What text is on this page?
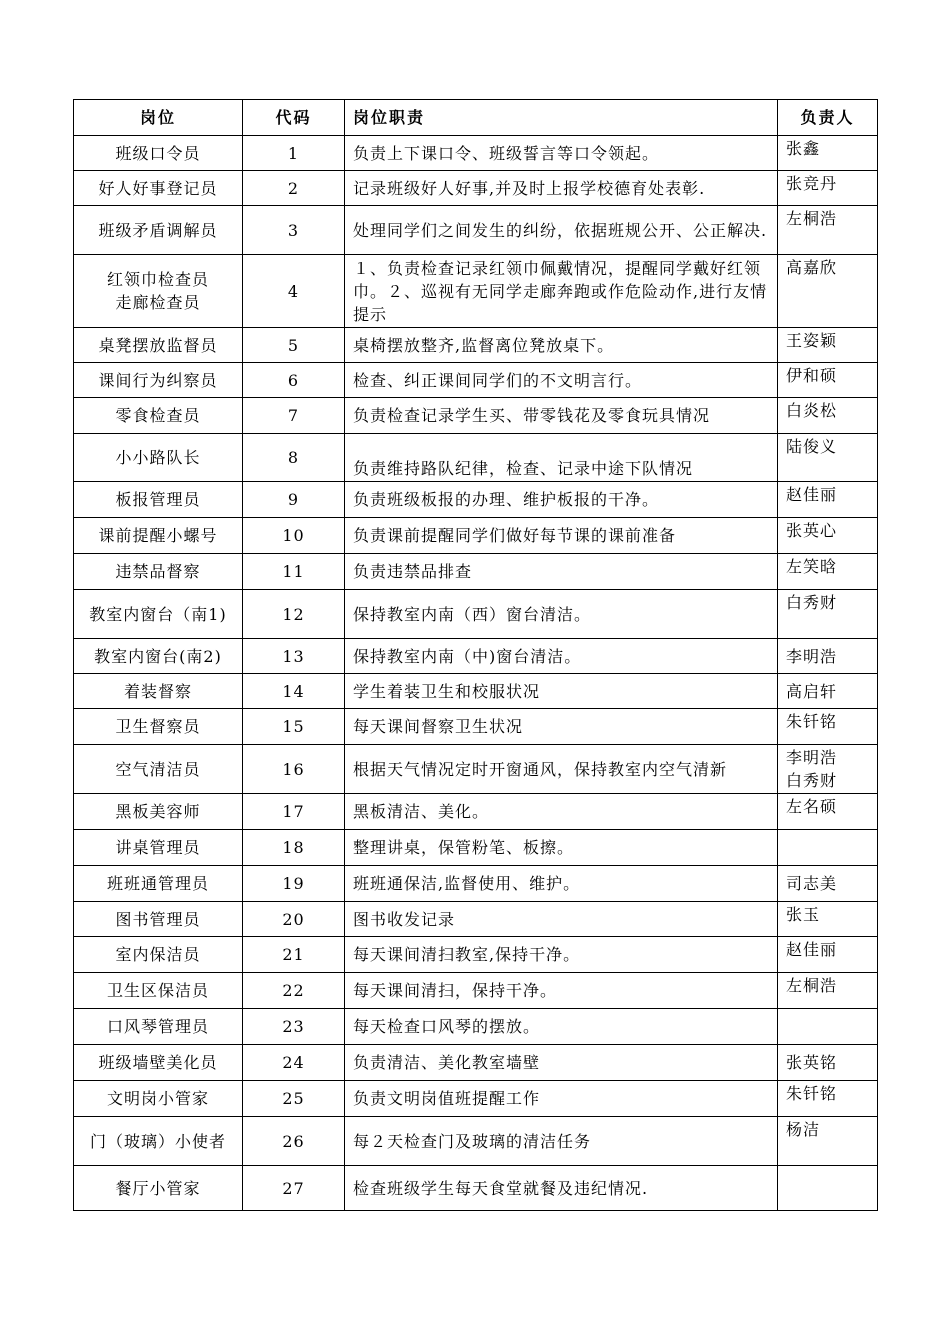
岗位	代码	岗位职责	负责人
班级口令员	1	负责上下课口令、班级誓言等口令领起。	张鑫
好人好事登记员	2	记录班级好人好事,并及时上报学校德育处表彰.	张竞丹
班级矛盾调解员	3	处理同学们之间发生的纠纷，依据班规公开、公正解决.	左桐浩
红领巾检查员
走廊检查员	4	１、负责检查记录红领巾佩戴情况，提醒同学戴好红领巾。２、巡视有无同学走廊奔跑或作危险动作,进行友情提示	高嘉欣
桌凳摆放监督员	5	桌椅摆放整齐,监督离位凳放桌下。	王姿颖
课间行为纠察员	6	检查、纠正课间同学们的不文明言行。	伊和硕
零食检查员	7	负责检查记录学生买、带零钱花及零食玩具情况	白炎松
小小路队长	8	负责维持路队纪律，检查、记录中途下队情况	陆俊义
板报管理员	9	负责班级板报的办理、维护板报的干净。	赵佳丽
课前提醒小螺号	10	负责课前提醒同学们做好每节课的课前准备	张英心
违禁品督察	11	负责违禁品排查	左笑晗
教室内窗台（南1)	12	保持教室内南（西）窗台清洁。	白秀财
教室内窗台(南2)	13	保持教室内南（中)窗台清洁。	李明浩
着装督察	14	学生着装卫生和校服状况	高启轩
卫生督察员	15	每天课间督察卫生状况	朱钎铭
空气清洁员	16	根据天气情况定时开窗通风，保持教室内空气清新	李明浩
白秀财
黑板美容师	17	黑板清洁、美化。	左名硕
讲桌管理员	18	整理讲桌，保管粉笔、板擦。	
班班通管理员	19	班班通保洁,监督使用、维护。	司志美
图书管理员	20	图书收发记录	张玉
室内保洁员	21	每天课间清扫教室,保持干净。	赵佳丽
卫生区保洁员	22	每天课间清扫，保持干净。	左桐浩
口风琴管理员	23	每天检查口风琴的摆放。	
班级墙壁美化员	24	负责清洁、美化教室墙壁	张英铭
文明岗小管家	25	负责文明岗值班提醒工作	朱钎铭
门（玻璃）小使者	26	每２天检查门及玻璃的清洁任务	杨洁
餐厅小管家	27	检查班级学生每天食堂就餐及违纪情况.	
